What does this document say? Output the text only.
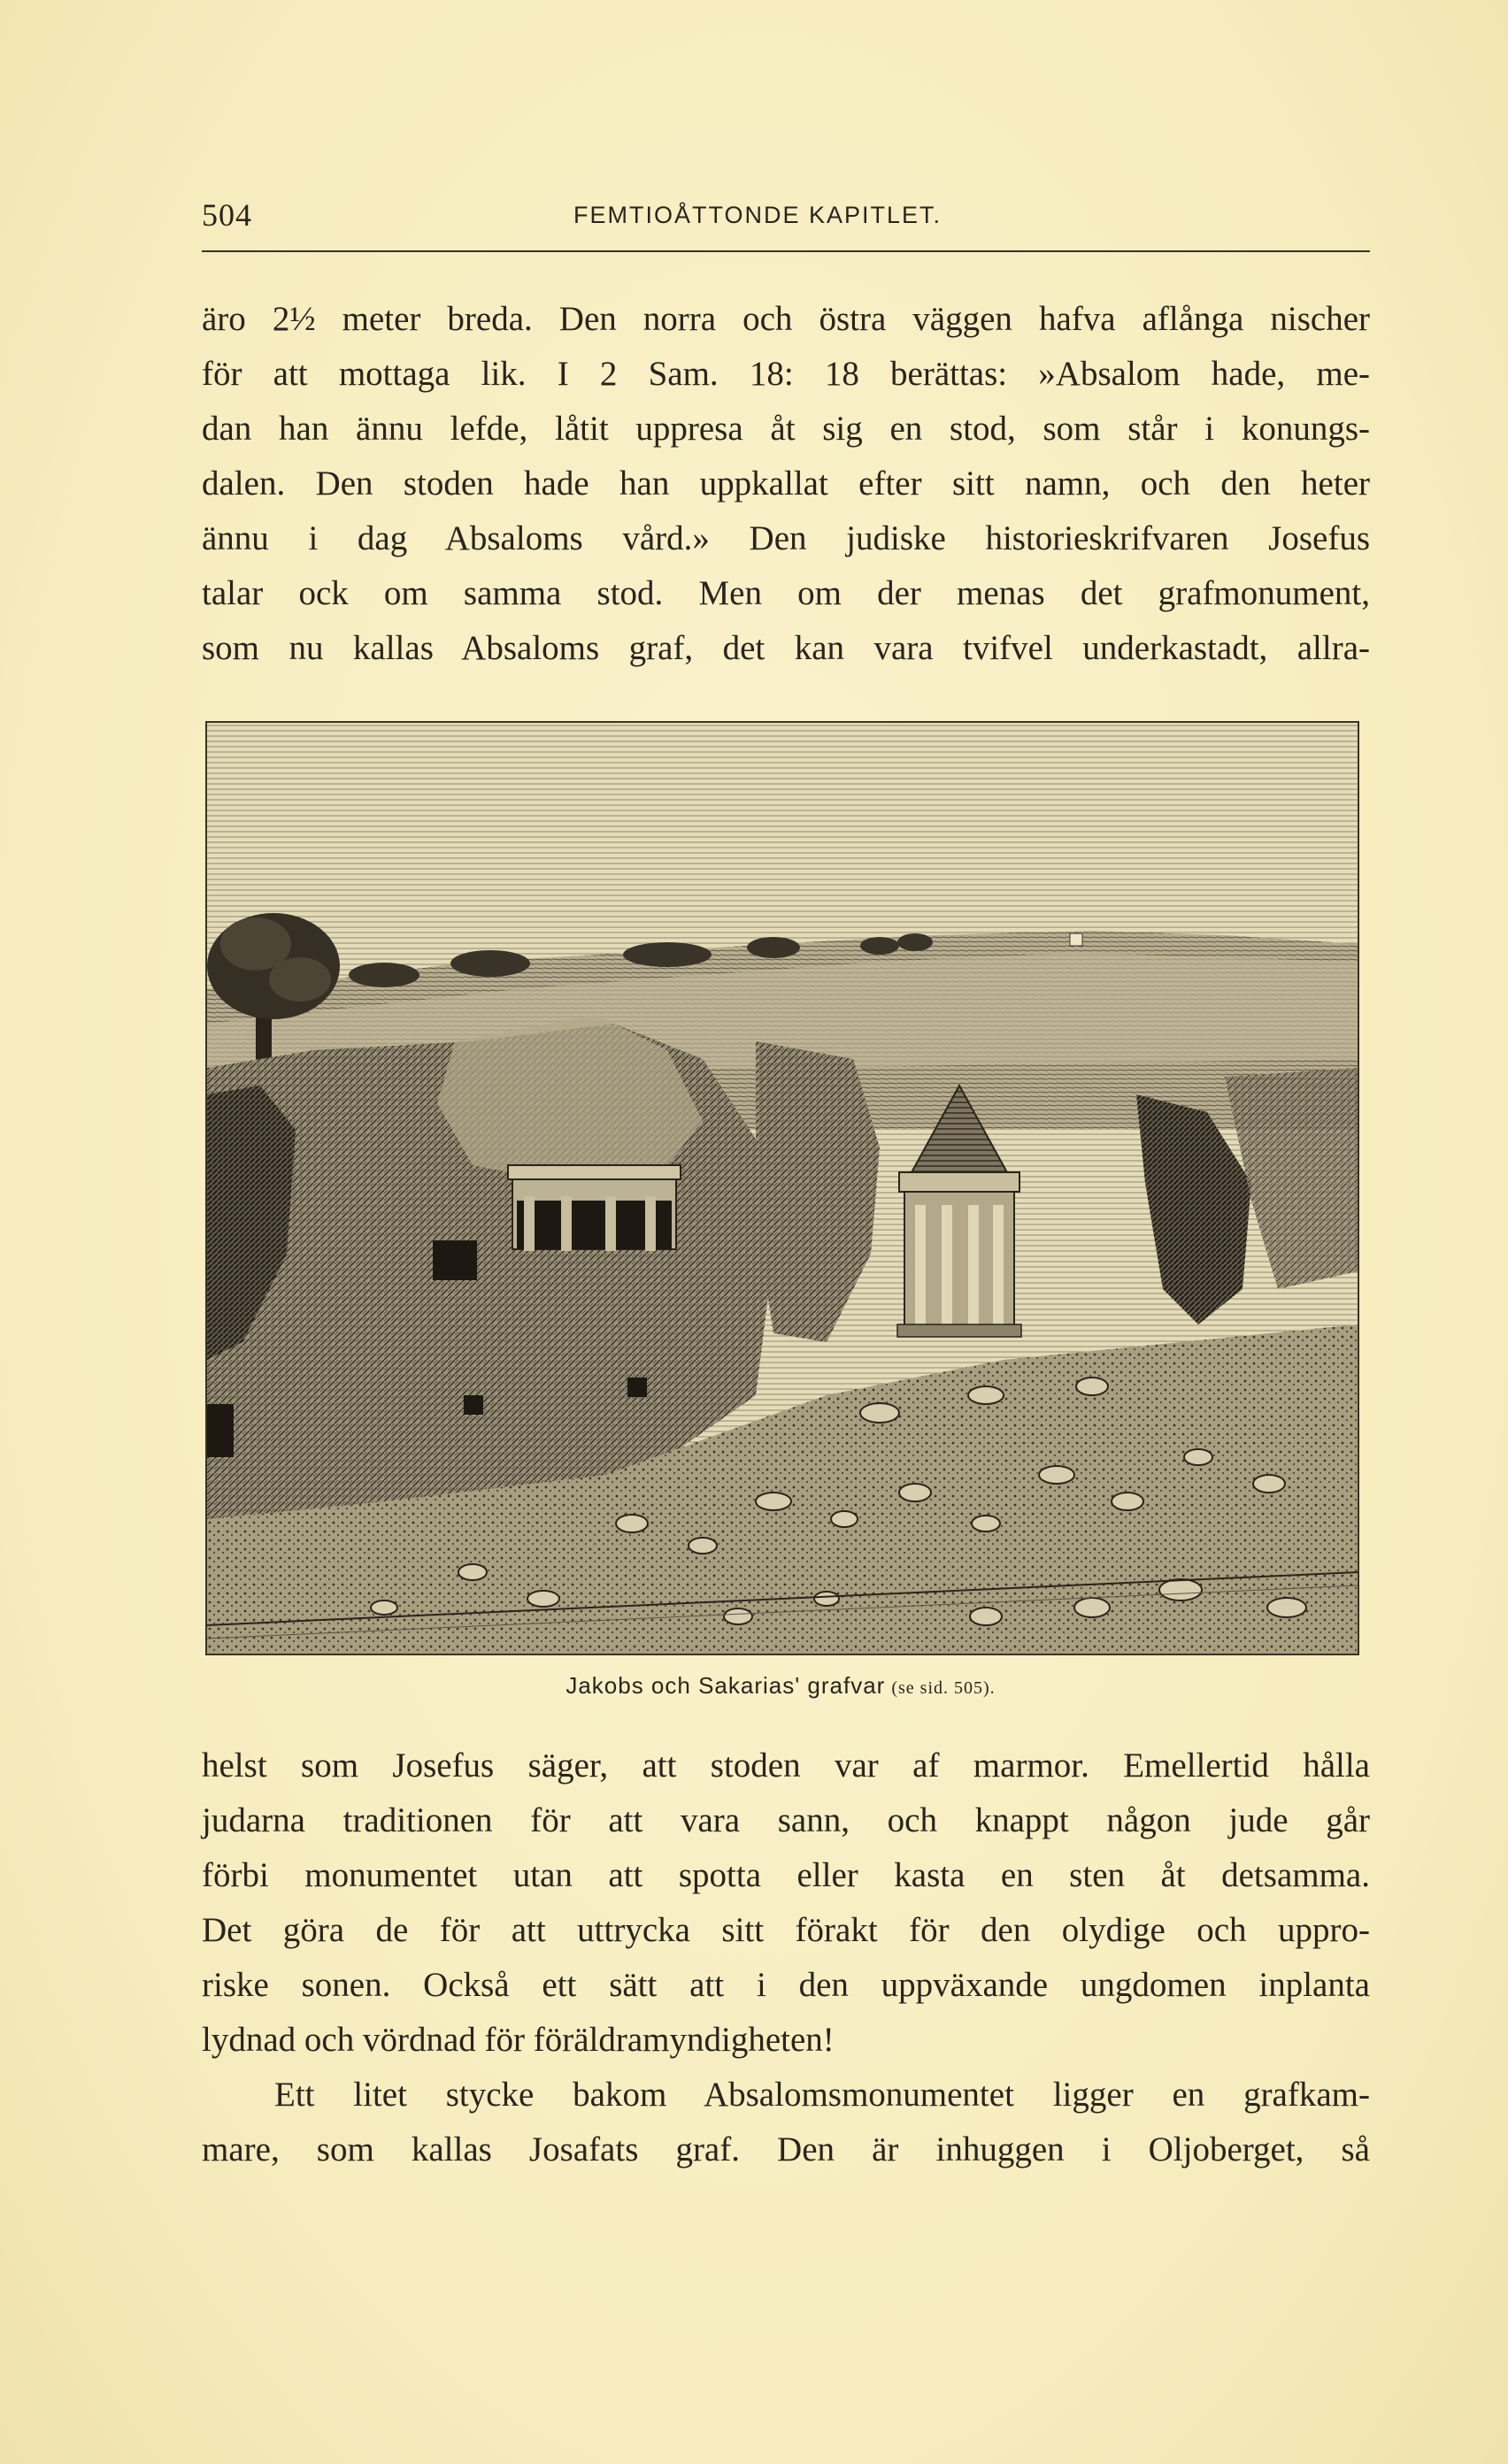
504	FEMTIOÅTTONDE KAPITLET.
äro 2½ meter breda. Den norra och östra väggen hafva aflånga nischer
för att mottaga lik. I 2 Sam. 18: 18 berättas: »Absalom hade, me-
dan han ännu lefde, låtit uppresa åt sig en stod, som står i konungs-
dalen. Den stoden hade han uppkallat efter sitt namn, och den heter
ännu i dag Absaloms vård.» Den judiske historieskrifvaren Josefus
talar ock om samma stod. Men om der menas det grafmonument,
som nu kallas Absaloms graf, det kan vara tvifvel underkastadt, allra-
Jakobs och Sakarias' grafvar (se sid. 505).
helst som Josefus säger, att stoden var af marmor. Emellertid hålla
judarna traditionen för att vara sann, och knappt någon jude går
förbi monumentet utan att spotta eller kasta en sten åt detsamma.
Det göra de för att uttrycka sitt förakt för den olydige och uppro-
riske sonen. Också ett sätt att i den uppväxande ungdomen inplanta
lydnad och vördnad för föräldramyndigheten!
Ett litet stycke bakom Absalomsmonumentet ligger en grafkam-
mare, som kallas Josafats graf. Den är inhuggen i Oljoberget, så
